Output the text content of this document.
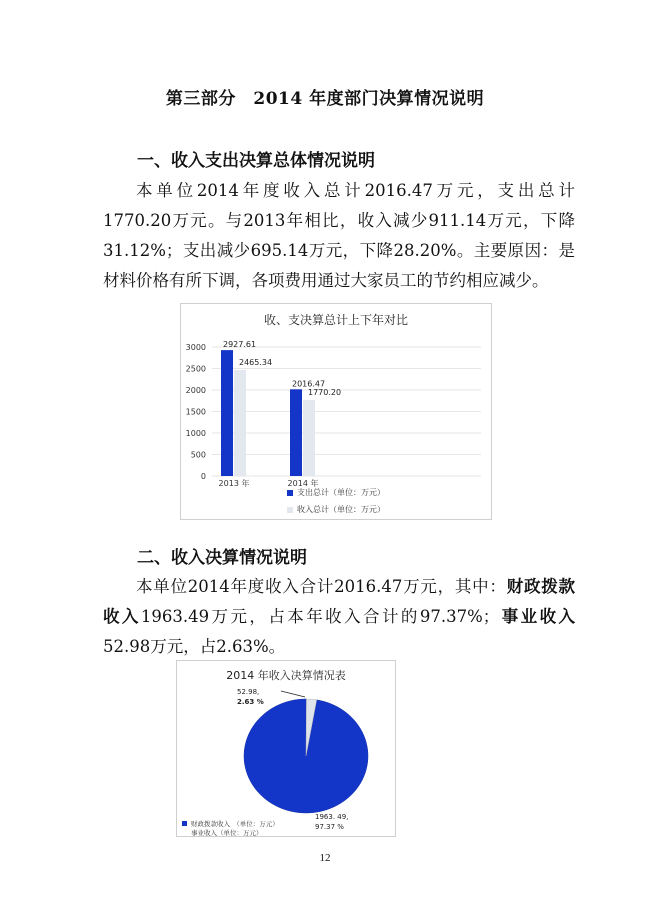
第三部分　2014 年度部门决算情况说明
一、收入支出决算总体情况说明

本单位2014年度收入总计2016.47万元，支出总计1770.20万元。与2013年相比，收入减少911.14万元，下降31.12%；支出减少695.14万元，下降28.20%。主要原因：是材料价格有所下调，各项费用通过大家员工的节约相应减少。

收、支决算总计上下年对比
0
500
1000
1500
2000
2500
3000 2927.61
2465.34
2013 年
2016.47
1770.20
2014 年
支出总计（单位：万元）
收入总计（单位：万元）
二、收入决算情况说明

本单位2014年度收入合计2016.47万元，其中：财政拨款收入1963.49万元，占本年收入合计的97.37%；事业收入52.98万元，占2.63%。

2014 年收入决算情况表
52.98,
2.63 %
1963. 49,
97.37 %
财政拨款收入　（单位：万元）
事业收入（单位：万元）
12
